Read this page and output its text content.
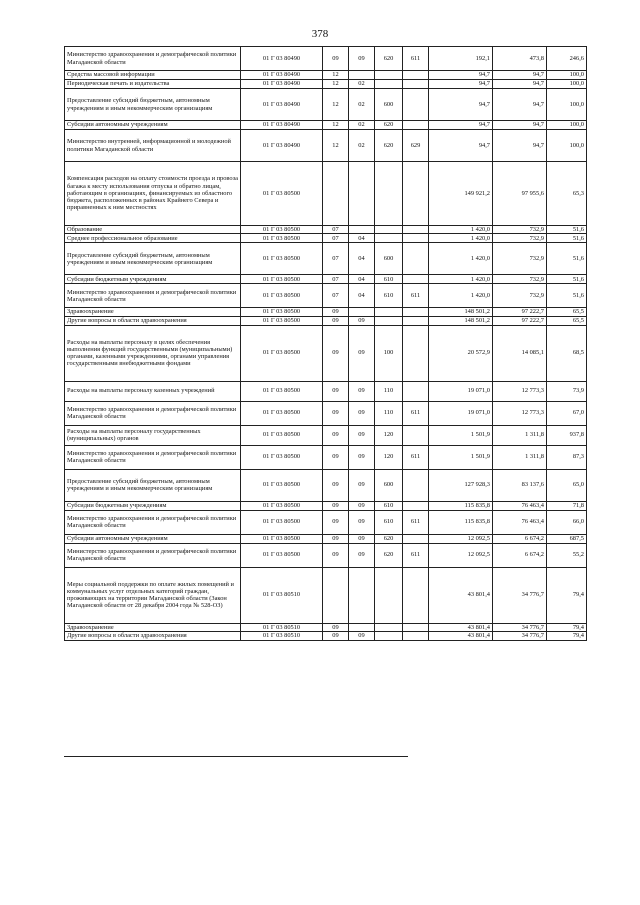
378
Министерство здравоохранения и демографической политики Магаданской области	01 Г 03 80490	09	09	620	611	192,1	473,8	246,6
Средства массовой информации	01 Г 03 80490	12				94,7	94,7	100,0
Периодическая печать и издательства	01 Г 03 80490	12	02			94,7	94,7	100,0
Предоставление субсидий бюджетным, автономным учреждениям и иным некоммерческим организациям	01 Г 03 80490	12	02	600		94,7	94,7	100,0
Субсидии автономным учреждениям	01 Г 03 80490	12	02	620		94,7	94,7	100,0
Министерство внутренней, информационной и молодежной политики Магаданской области	01 Г 03 80490	12	02	620	629	94,7	94,7	100,0
Компенсация расходов на оплату стоимости проезда и провоза багажа к месту использования отпуска и обратно лицам, работающим в организациях, финансируемых из областного бюджета, расположенных в районах Крайнего Севера и приравненных к ним местностях	01 Г 03 80500					149 921,2	97 955,6	65,3
Образование	01 Г 03 80500	07				1 420,0	732,9	51,6
Среднее профессиональное образование	01 Г 03 80500	07	04			1 420,0	732,9	51,6
Предоставление субсидий бюджетным, автономным учреждениям и иным некоммерческим организациям	01 Г 03 80500	07	04	600		1 420,0	732,9	51,6
Субсидии бюджетным учреждениям	01 Г 03 80500	07	04	610		1 420,0	732,9	51,6
Министерство здравоохранения и демографической политики Магаданской области	01 Г 03 80500	07	04	610	611	1 420,0	732,9	51,6
Здравоохранение	01 Г 03 80500	09				148 501,2	97 222,7	65,5
Другие вопросы в области здравоохранения	01 Г 03 80500	09	09			148 501,2	97 222,7	65,5
Расходы на выплаты персоналу в целях обеспечения выполнения функций государственными (муниципальными) органами, казенными учреждениями, органами управления государственными внебюджетными фондами	01 Г 03 80500	09	09	100		20 572,9	14 085,1	68,5
Расходы на выплаты персоналу казенных учреждений	01 Г 03 80500	09	09	110		19 071,0	12 773,3	73,9
Министерство здравоохранения и демографической политики Магаданской области	01 Г 03 80500	09	09	110	611	19 071,0	12 773,3	67,0
Расходы на выплаты персоналу государственных (муниципальных) органов	01 Г 03 80500	09	09	120		1 501,9	1 311,8	937,8
Министерство здравоохранения и демографической политики Магаданской области	01 Г 03 80500	09	09	120	611	1 501,9	1 311,8	87,3
Предоставление субсидий бюджетным, автономным учреждениям и иным некоммерческим организациям	01 Г 03 80500	09	09	600		127 928,3	83 137,6	65,0
Субсидии бюджетным учреждениям	01 Г 03 80500	09	09	610		115 835,8	76 463,4	71,8
Министерство здравоохранения и демографической политики Магаданской области	01 Г 03 80500	09	09	610	611	115 835,8	76 463,4	66,0
Субсидии автономным учреждениям	01 Г 03 80500	09	09	620		12 092,5	6 674,2	687,5
Министерство здравоохранения и демографической политики Магаданской области	01 Г 03 80500	09	09	620	611	12 092,5	6 674,2	55,2
Меры социальной поддержки по оплате жилых помещений и коммунальных услуг отдельных категорий граждан, проживающих на территории Магаданской области (Закон Магаданской области от 28 декабря 2004 года № 528-ОЗ)	01 Г 03 80510					43 801,4	34 776,7	79,4
Здравоохранение	01 Г 03 80510	09				43 801,4	34 776,7	79,4
Другие вопросы в области здравоохранения	01 Г 03 80510	09	09			43 801,4	34 776,7	79,4
